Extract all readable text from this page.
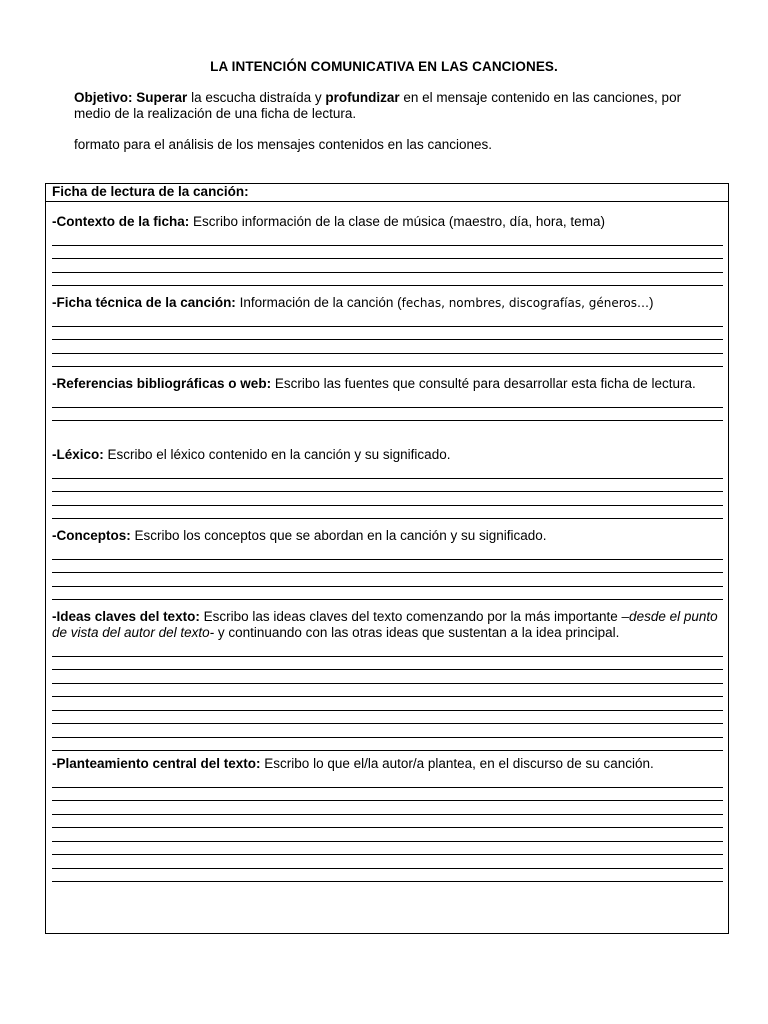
LA INTENCIÓN COMUNICATIVA EN LAS CANCIONES.
Objetivo: Superar la escucha distraída y profundizar en el mensaje contenido en las canciones, por medio de la realización de una ficha de lectura.
formato para el análisis de los mensajes contenidos en las canciones.
Ficha de lectura de la canción:
-Contexto de la ficha: Escribo información de la clase de música (maestro, día, hora, tema)
-Ficha técnica de la canción: Información de la canción (fechas, nombres, discografías, géneros…)
-Referencias bibliográficas o web: Escribo las fuentes que consulté para desarrollar esta ficha de lectura.
-Léxico: Escribo el léxico contenido en la canción y su significado.
-Conceptos: Escribo los conceptos que se abordan en la canción y su significado.
-Ideas claves del texto: Escribo las ideas claves del texto comenzando por la más importante –desde el punto de vista del autor del texto- y continuando con las otras ideas que sustentan a la idea principal.
-Planteamiento central del texto: Escribo lo que el/la autor/a plantea, en el discurso de su canción.
